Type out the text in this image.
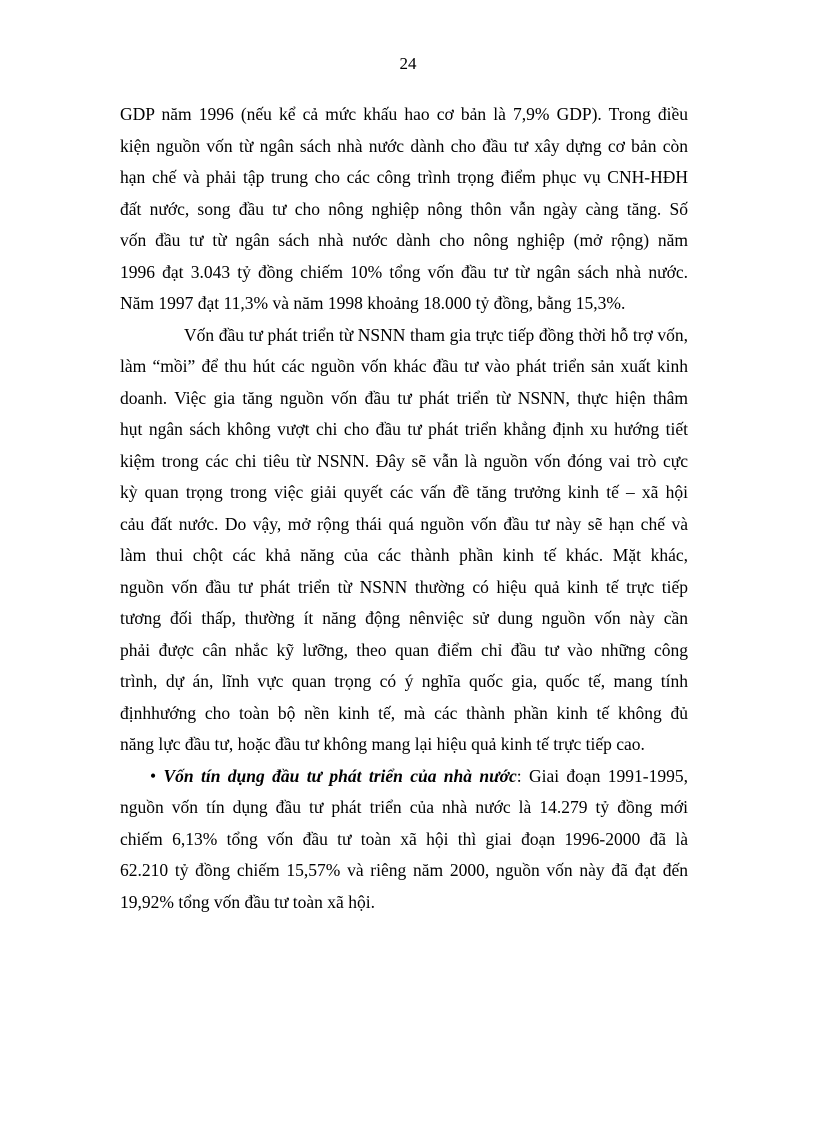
24
GDP năm 1996 (nếu kể cả mức khấu hao cơ bản là 7,9% GDP). Trong điều
kiện nguồn vốn từ ngân sách nhà nước dành cho đầu tư xây dựng cơ bản còn
hạn chế và phải tập trung cho các công trình trọng điểm phục vụ CNH-HĐH
đất nước, song đầu tư cho nông nghiệp nông thôn vẫn ngày càng tăng. Số
vốn đầu tư từ ngân sách nhà nước dành cho nông nghiệp (mở rộng) năm
1996 đạt 3.043 tỷ đồng chiếm 10% tổng vốn đầu tư từ ngân sách nhà nước.
Năm 1997 đạt 11,3% và năm 1998 khoảng 18.000 tỷ đồng, bằng 15,3%.
Vốn đầu tư phát triển từ NSNN tham gia trực tiếp đồng thời hỗ trợ vốn,
làm “mồi” để thu hút các nguồn vốn khác đầu tư vào phát triển sản xuất kinh
doanh. Việc gia tăng nguồn vốn đầu tư phát triển từ NSNN, thực hiện thâm
hụt ngân sách không vượt chi cho đầu tư phát triển khẳng định xu hướng tiết
kiệm trong các chi tiêu từ NSNN. Đây sẽ vẫn là nguồn vốn đóng vai trò cực
kỳ quan trọng trong việc giải quyết các vấn đề tăng trưởng kinh tế – xã hội
cảu đất nước. Do vậy, mở rộng thái quá nguồn vốn đầu tư này sẽ hạn chế và
làm thui chột các khả năng của các thành phần kinh tế khác. Mặt khác,
nguồn vốn đầu tư phát triển từ NSNN thường có hiệu quả kinh tế trực tiếp
tương đối thấp, thường ít năng động nênviệc sử dung nguồn vốn này cần
phải được cân nhắc kỹ lưỡng, theo quan điểm chỉ đầu tư vào những công
trình, dự án, lĩnh vực quan trọng có ý nghĩa quốc gia, quốc tế, mang tính
địnhhướng cho toàn bộ nền kinh tế, mà các thành phần kinh tế không đủ
năng lực đầu tư, hoặc đầu tư không mang lại hiệu quả kinh tế trực tiếp cao.
• Vốn tín dụng đầu tư phát triển của nhà nước: Giai đoạn 1991-1995,
nguồn vốn tín dụng đầu tư phát triển của nhà nước là 14.279 tỷ đồng mới
chiếm 6,13% tổng vốn đầu tư toàn xã hội thì giai đoạn 1996-2000 đã là
62.210 tỷ đồng chiếm 15,57% và riêng năm 2000, nguồn vốn này đã đạt đến
19,92% tổng vốn đầu tư toàn xã hội.
